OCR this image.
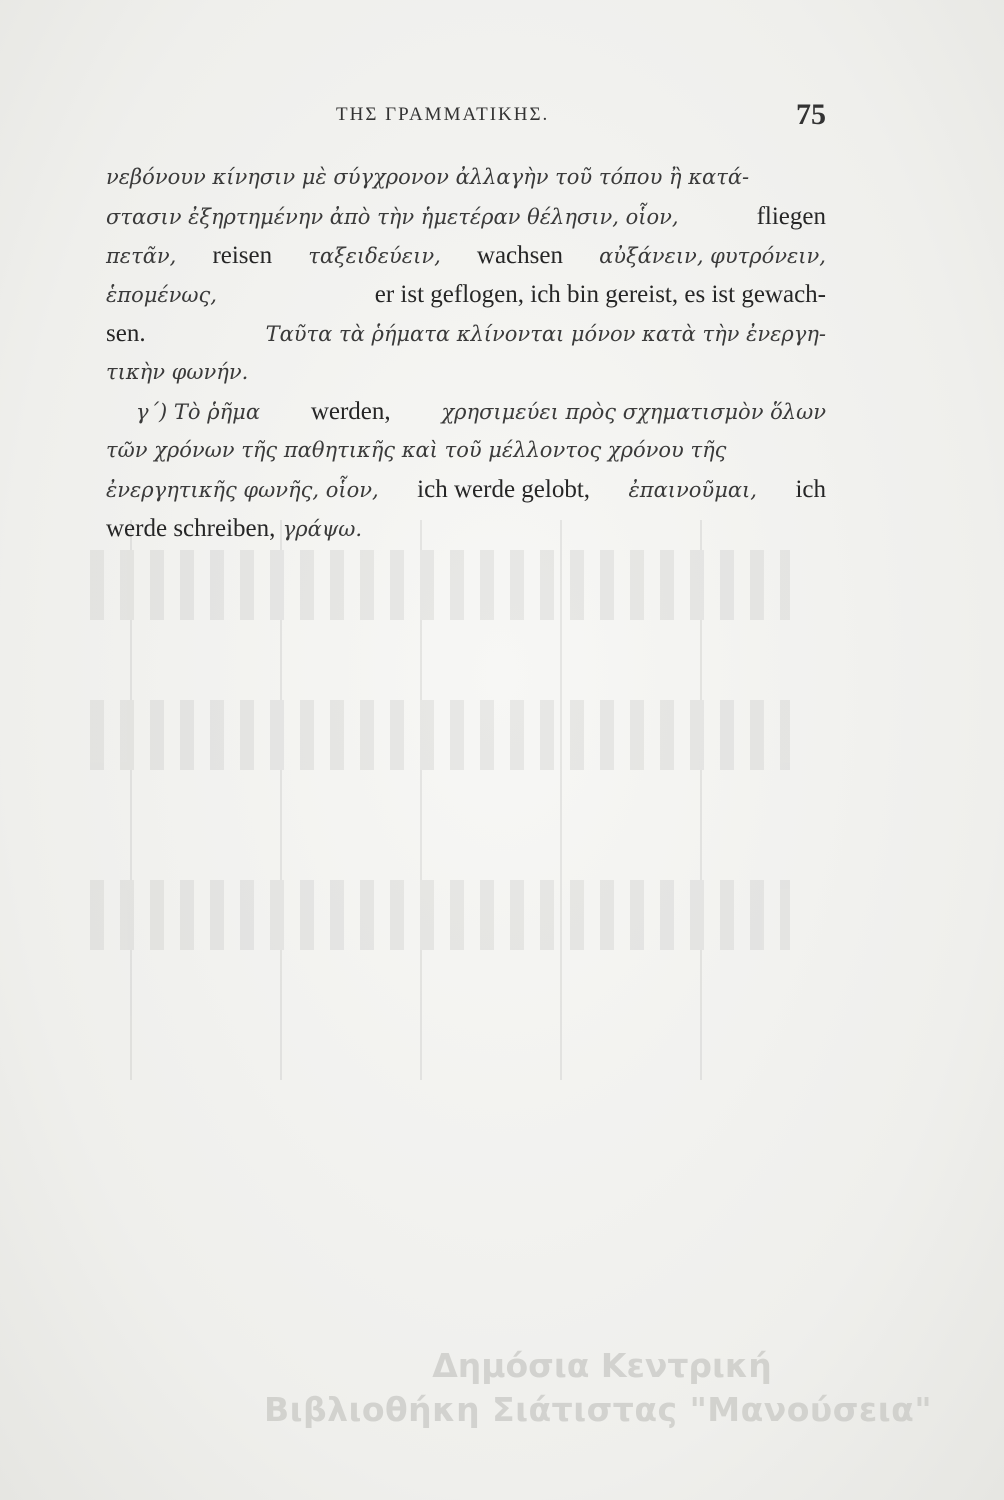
ΤΗΣ ΓΡΑΜΜΑΤΙΚΗΣ.	75
νεβόνουν κίνησιν μὲ σύγχρονον ἀλλαγὴν τοῦ τόπου ἢ κατά-
στασιν ἐξηρτημένην ἀπὸ τὴν ἡμετέραν θέλησιν, οἷον,	fliegen
πετᾶν, reisen ταξειδεύειν, wachsen αὐξάνειν, φυτρόνειν,
ἑπομένως,	er ist geflogen, ich bin gereist, es ist gewach-
sen.	Ταῦτα τὰ ῥήματα κλίνονται μόνον κατὰ τὴν ἐνεργη-
τικὴν φωνήν.
γ΄) Τὸ ῥῆμα werden, χρησιμεύει πρὸς σχηματισμὸν ὅλων
τῶν χρόνων τῆς παθητικῆς καὶ τοῦ μέλλοντος χρόνου τῆς
ἐνεργητικῆς φωνῆς, οἷον, ich werde gelobt, ἐπαινοῦμαι, ich
werde schreiben, γράψω.
Δημόσια Κεντρική
Βιβλιοθήκη Σιάτιστας "Μανούσεια"
